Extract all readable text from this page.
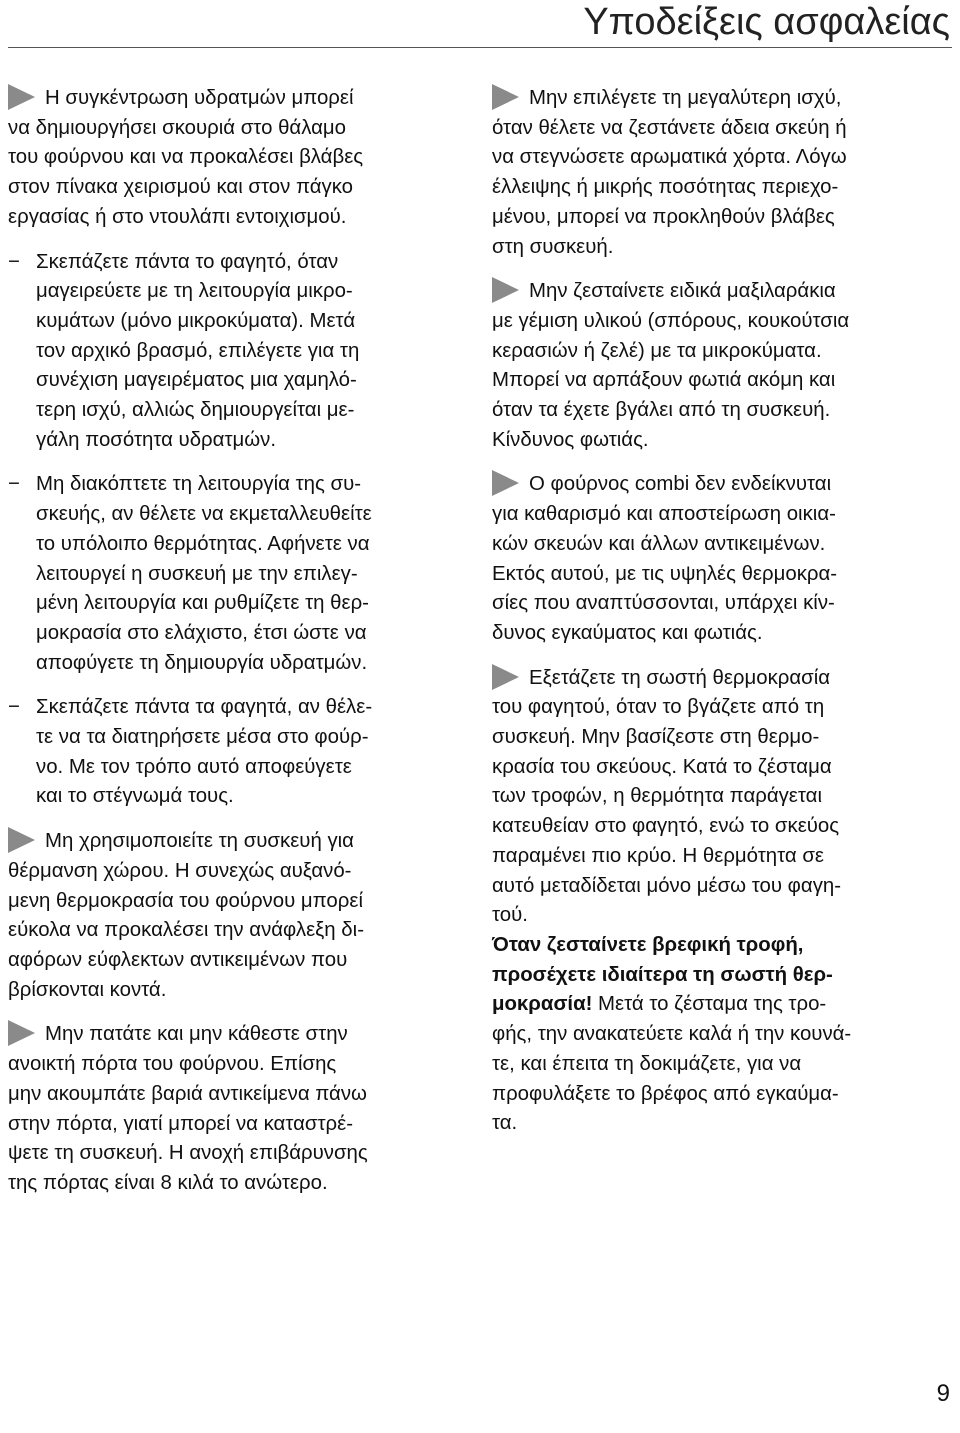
Υποδείξεις ασφαλείας
Η συγκέντρωση υδρατμών μπορεί
να δημιουργήσει σκουριά στο θάλαμο
του φούρνου και να προκαλέσει βλάβες
στον πίνακα χειρισμού και στον πάγκο
εργασίας ή στο ντουλάπι εντοιχισμού.
− Σκεπάζετε πάντα το φαγητό, όταν
μαγειρεύετε με τη λειτουργία μικρο-
κυμάτων (μόνο μικροκύματα). Μετά
τον αρχικό βρασμό, επιλέγετε για τη
συνέχιση μαγειρέματος μια χαμηλό-
τερη ισχύ, αλλιώς δημιουργείται με-
γάλη ποσότητα υδρατμών.
− Μη διακόπτετε τη λειτουργία της συ-
σκευής, αν θέλετε να εκμεταλλευθείτε
το υπόλοιπο θερμότητας. Αφήνετε να
λειτουργεί η συσκευή με την επιλεγ-
μένη λειτουργία και ρυθμίζετε τη θερ-
μοκρασία στο ελάχιστο, έτσι ώστε να
αποφύγετε τη δημιουργία υδρατμών.
− Σκεπάζετε πάντα τα φαγητά, αν θέλε-
τε να τα διατηρήσετε μέσα στο φούρ-
νο. Με τον τρόπο αυτό αποφεύγετε
και το στέγνωμά τους.
Μη χρησιμοποιείτε τη συσκευή για
θέρμανση χώρου. Η συνεχώς αυξανό-
μενη θερμοκρασία του φούρνου μπορεί
εύκολα να προκαλέσει την ανάφλεξη δι-
αφόρων εύφλεκτων αντικειμένων που
βρίσκονται κοντά.
Μην πατάτε και μην κάθεστε στην
ανοικτή πόρτα του φούρνου. Επίσης
μην ακουμπάτε βαριά αντικείμενα πάνω
στην πόρτα, γιατί μπορεί να καταστρέ-
ψετε τη συσκευή. Η ανοχή επιβάρυνσης
της πόρτας είναι 8 κιλά το ανώτερο.
Μην επιλέγετε τη μεγαλύτερη ισχύ,
όταν θέλετε να ζεστάνετε άδεια σκεύη ή
να στεγνώσετε αρωματικά χόρτα. Λόγω
έλλειψης ή μικρής ποσότητας περιεχο-
μένου, μπορεί να προκληθούν βλάβες
στη συσκευή.
Μην ζεσταίνετε ειδικά μαξιλαράκια
με γέμιση υλικού (σπόρους, κουκούτσια
κερασιών ή ζελέ) με τα μικροκύματα.
Μπορεί να αρπάξουν φωτιά ακόμη και
όταν τα έχετε βγάλει από τη συσκευή.
Κίνδυνος φωτιάς.
Ο φούρνος combi δεν ενδείκνυται
για καθαρισμό και αποστείρωση οικια-
κών σκευών και άλλων αντικειμένων.
Εκτός αυτού, με τις υψηλές θερμοκρα-
σίες που αναπτύσσονται, υπάρχει κίν-
δυνος εγκαύματος και φωτιάς.
Εξετάζετε τη σωστή θερμοκρασία
του φαγητού, όταν το βγάζετε από τη
συσκευή. Μην βασίζεστε στη θερμο-
κρασία του σκεύους. Κατά το ζέσταμα
των τροφών, η θερμότητα παράγεται
κατευθείαν στο φαγητό, ενώ το σκεύος
παραμένει πιο κρύο. Η θερμότητα σε
αυτό μεταδίδεται μόνο μέσω του φαγη-
τού.
Όταν ζεσταίνετε βρεφική τροφή,
προσέχετε ιδιαίτερα τη σωστή θερ-
μοκρασία! Μετά το ζέσταμα της τρο-
φής, την ανακατεύετε καλά ή την κουνά-
τε, και έπειτα τη δοκιμάζετε, για να
προφυλάξετε το βρέφος από εγκαύμα-
τα.
9
